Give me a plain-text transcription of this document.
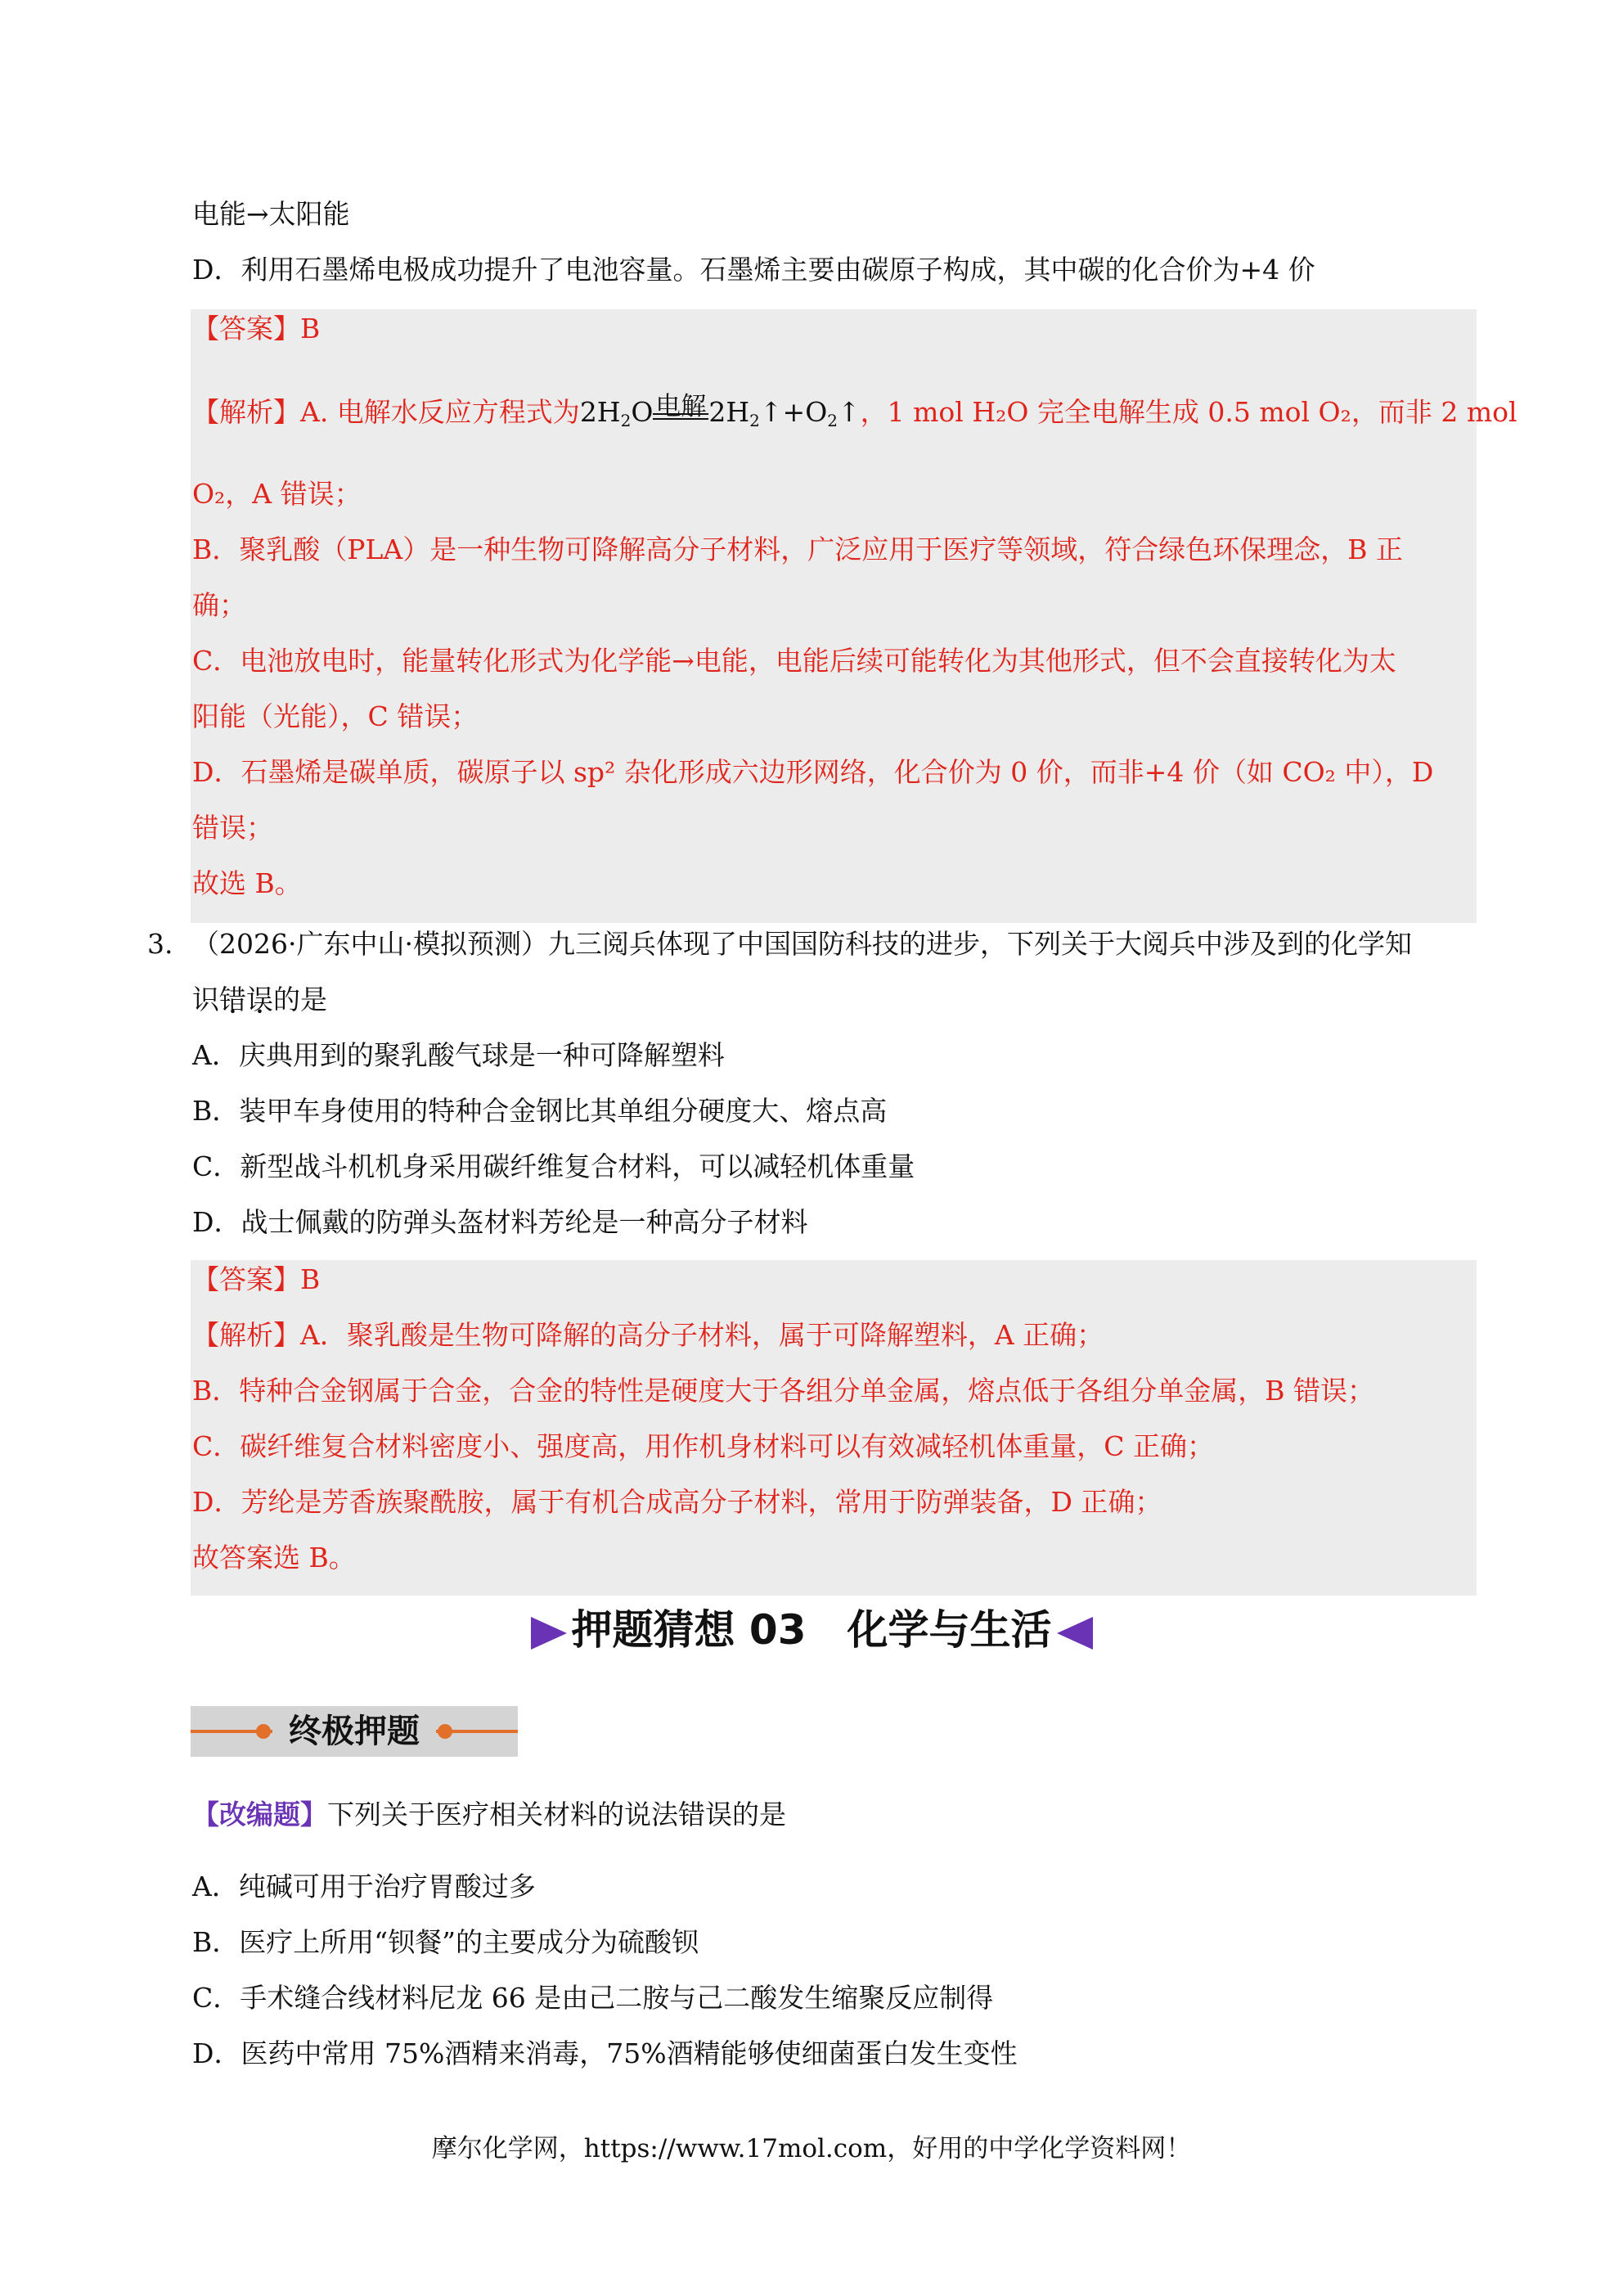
电能→太阳能
D．利用石墨烯电极成功提升了电池容量。石墨烯主要由碳原子构成，其中碳的化合价为+4 价
【答案】B
【解析】A. 电解水反应方程式为$2H_2O$ 电解 $2H_2↑+O_2↑$，1 mol H₂O 完全电解生成 0.5 mol O₂，而非 2 mol
O₂，A 错误；
B．聚乳酸（PLA）是一种生物可降解高分子材料，广泛应用于医疗等领域，符合绿色环保理念，B 正
确；
C．电池放电时，能量转化形式为化学能→电能，电能后续可能转化为其他形式，但不会直接转化为太
阳能（光能），C 错误；
D．石墨烯是碳单质，碳原子以 sp² 杂化形成六边形网络，化合价为 0 价，而非+4 价（如 CO₂ 中），D
错误；
故选 B。
3. （2026·广东中山·模拟预测）九三阅兵体现了中国国防科技的进步，下列关于大阅兵中涉及到的化学知
识错误的是
A．庆典用到的聚乳酸气球是一种可降解塑料
B．装甲车身使用的特种合金钢比其单组分硬度大、熔点高
C．新型战斗机机身采用碳纤维复合材料，可以减轻机体重量
D．战士佩戴的防弹头盔材料芳纶是一种高分子材料
【答案】B
【解析】A．聚乳酸是生物可降解的高分子材料，属于可降解塑料，A 正确；
B．特种合金钢属于合金，合金的特性是硬度大于各组分单金属，熔点低于各组分单金属，B 错误；
C．碳纤维复合材料密度小、强度高，用作机身材料可以有效减轻机体重量，C 正确；
D．芳纶是芳香族聚酰胺，属于有机合成高分子材料，常用于防弹装备，D 正确；
故答案选 B。
押题猜想 03　化学与生活
终极押题
【改编题】下列关于医疗相关材料的说法错误的是
A．纯碱可用于治疗胃酸过多
B．医疗上所用“钡餐”的主要成分为硫酸钡
C．手术缝合线材料尼龙 66 是由己二胺与己二酸发生缩聚反应制得
D．医药中常用 75%酒精来消毒，75%酒精能够使细菌蛋白发生变性
摩尔化学网，https://www.17mol.com，好用的中学化学资料网！
